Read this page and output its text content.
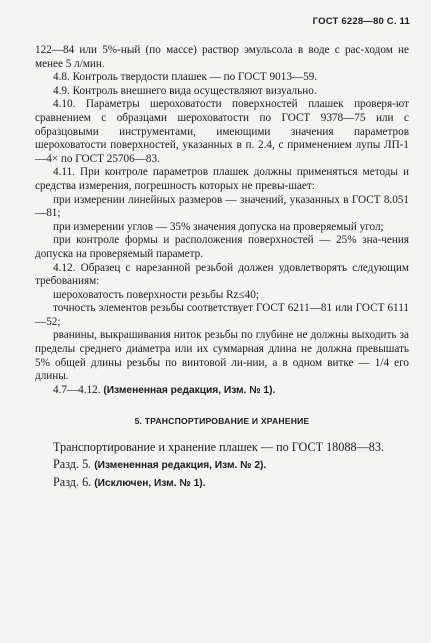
ГОСТ 6228—80 С. 11

122—84 или 5%-ный (по массе) раствор эмульсола в воде с рас-ходом не менее 5 л/мин.

4.8. Контроль твердости плашек — по ГОСТ 9013—59.

4.9. Контроль внешнего вида осуществляют визуально.

4.10. Параметры шероховатости поверхностей плашек проверя-ют сравнением с образцами шероховатости по ГОСТ 9378—75 или с образцовыми инструментами, имеющими значения параметров шероховатости поверхностей, указанных в п. 2.4, с применением лупы ЛП-1—4× по ГОСТ 25706—83.

4.11. При контроле параметров плашек должны применяться методы и средства измерения, погрешность которых не превы-шает:

при измерении линейных размеров — значений, указанных в ГОСТ 8.051—81;

при измерении углов — 35% значения допуска на проверяемый угол;

при контроле формы и расположения поверхностей — 25% зна-чения допуска на проверяемый параметр.

4.12. Образец с нарезанной резьбой должен удовлетворять следующим требованиям:

шероховатость поверхности резьбы Rz≤40;

точность элементов резьбы соответствует ГОСТ 6211—81 или ГОСТ 6111—52;

рванины, выкрашивания ниток резьбы по глубине не должны выходить за пределы среднего диаметра или их суммарная длина не должна превышать 5% общей длины резьбы по винтовой ли-нии, а в одном витке — 1/4 его длины.

4.7—4.12. (Измененная редакция, Изм. № 1).

5. ТРАНСПОРТИРОВАНИЕ И ХРАНЕНИЕ

Транспортирование и хранение плашек — по ГОСТ 18088—83.

Разд. 5. (Измененная редакция, Изм. № 2).

Разд. 6. (Исключен, Изм. № 1).
